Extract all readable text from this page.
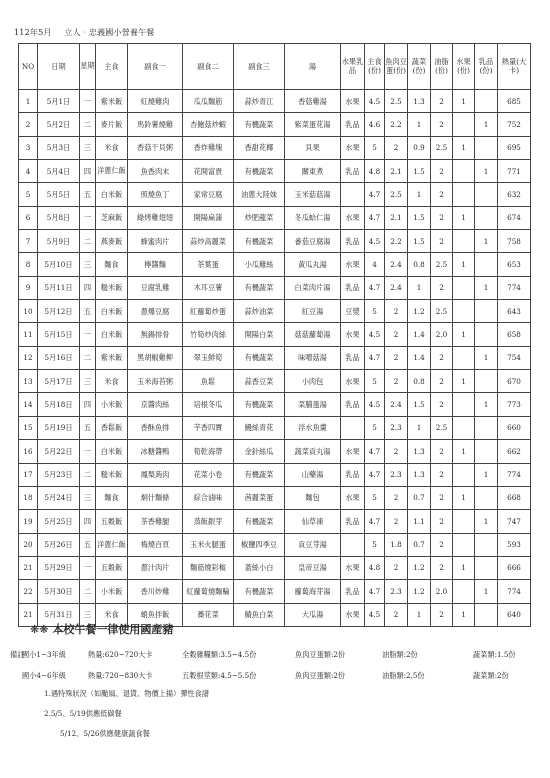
112年5月 立人‧忠義國小營養午餐
NO	日期	星期	主食	副食一	副食二	副食三	湯	水果乳品	主食(份)	魚肉豆蛋(份)	蔬菜(份)	油脂(份)	水果(份)	乳品(份)	熱量(大卡)
1	5月1日	一	紫米飯	紅燒雞肉	瓜瓜麵筋	蒜炒青江	香菇雞湯	水果	4.5	2.5	1.3	2	1		685
2	5月2日	二	麥片飯	馬鈴薯燒雞	杏鮑菇炒蝦	有機蔬菜	紫菜蛋花湯	乳品	4.6	2.2	1	2		1	752
3	5月3日	三	米食	香菇干貝粥	香炸雞塊	香甜花椰	貝果	水果	5	2	0.9	2.5	1		695
4	5月4日	四	洋蔥仁飯	魚香肉末	花開富貴	有機蔬菜	關東煮	乳品	4.8	2.1	1.5	2		1	771
5	5月5日	五	白米飯	照燒魚丁	家常豆腐	油蔥大陸妹	玉米菇菇湯		4.7	2.5	1	2			632
6	5月8日	一	芝麻飯	綠烤雞翅翅	開陽扁蒲	炒肥龍菜	冬瓜蛤仁湯	水果	4.7	2.1	1.5	2	1		674
7	5月9日	二	燕麥飯	蜂蜜肉片	蒜炒高麗菜	有機蔬菜	番茄豆腐湯	乳品	4.5	2.2	1.5	2		1	758
8	5月10日	三	麵食	檸醬麵	茶葉蛋	小瓜雞絲	黃瓜丸湯	水果	4	2.4	0.8	2.5	1		653
9	5月11日	四	糙米飯	豆腐乳雞	木耳豆薯	有機蔬菜	白菜肉片湯	乳品	4.7	2.4	1	2		1	774
10	5月12日	五	白米飯	蔥爆豆腐	紅蘿蔔炒蛋	蒜炒油菜	紅豆湯	豆漿	5	2	1.2	2.5			643
11	5月15日	一	白米飯	無錫排骨	竹筍炒肉絲	開陽白菜	菇菇蘿蔔湯	水果	4.5	2	1.4	2.0	1		658
12	5月16日	二	紫米飯	黑胡椒雞柳	翠玉鮮筍	有機蔬菜	味噌菇湯	乳品	4.7	2	1.4	2		1	754
13	5月17日	三	米食	玉米海苔粥	魚鬆	蒜香豆菜	小肉包	水果	5	2	0.8	2	1		670
14	5月18日	四	小米飯	京醬肉絲	培根冬瓜	有機蔬菜	菜脯蛋湯	乳品	4.5	2.4	1.5	2		1	773
15	5月19日	五	香鬆飯	香酥魚排	芋香四寶	鰻絲青花	浮水魚羹		5	2.3	1	2.5			660
16	5月22日	一	白米飯	冰糖醬鴨	筍乾海帶	金針絲瓜	蔬菜貢丸湯	水果	4.7	2	1.3	2	1		662
17	5月23日	二	糙米飯	鳳梨蒟肉	花菜小卷	有機蔬菜	山藥湯	乳品	4.7	2.3	1.3	2		1	774
18	5月24日	三	麵食	炯什麵條	綜合滷味	茜麗菜蛋	麵包	水果	5	2	0.7	2	1		668
19	5月25日	四	五穀飯	茶香雞腿	蒸飯銀芽	有機蔬菜	仙草凍	乳品	4.7	2	1.1	2		1	747
20	5月26日	五	洋蔥仁飯	梅燒百頁	玉米火腿蛋	椒鹽四季豆	貢豆芽湯		5	1.8	0.7	2			593
21	5月29日	一	五穀飯	蔥汁肉片	麵筋燒彩椒	蓋絲小白	皇帝豆湯	水果	4.8	2	1.2	2	1		666
22	5月30日	二	小米飯	香川炒雞	紅蘿蔔燒麵輪	有機蔬菜	蘿蔔海芽湯	乳品	4.7	2.3	1.2	2.0		1	774
21	5月31日	三	米食	蛸魚拌飯	蕎花菜	鯖魚白菜	大瓜湯	水果	4.5	2	1	2	1		640
❋❋ 本校午餐一律使用國產豬
備註
國小1~3年級	熱量:620~720大卡	全穀雜糧類:3.5~4.5份	魚肉豆蛋類:2份	油脂類:2份	蔬菜類:1.5份
國小4~6年級	熱量:720~830大卡	五穀根莖類:4.5~5.5份	魚肉豆蛋類:2份	油脂類:2.5份	蔬菜類:2份
1.遇特殊狀況（如颱風、退貨、物價上揚）彈性食譜
2.5/5、5/19供應低碳餐
5/12、5/26供應健康蔬食餐
